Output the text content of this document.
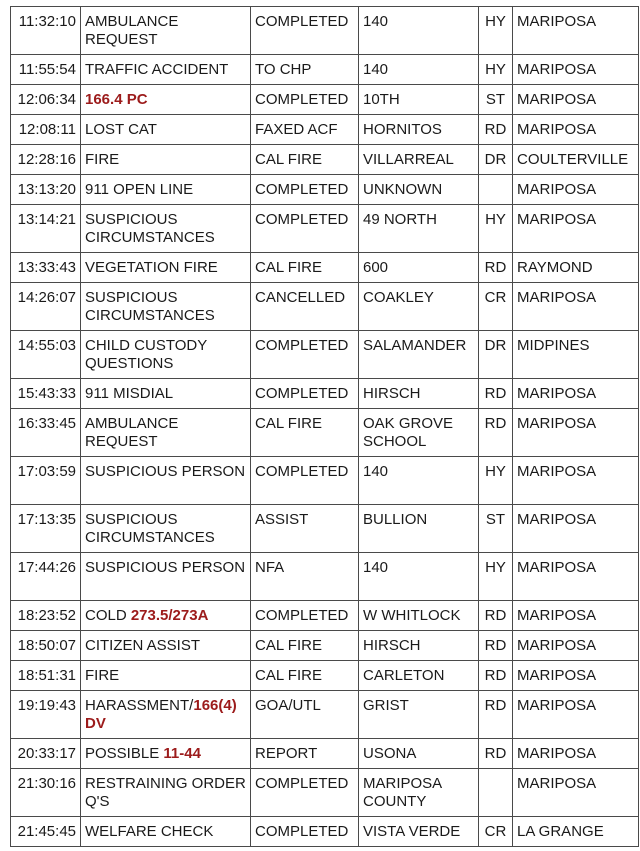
11:32:10	AMBULANCE REQUEST	COMPLETED	140	HY	MARIPOSA
11:55:54	TRAFFIC ACCIDENT	TO CHP	140	HY	MARIPOSA
12:06:34	166.4 PC	COMPLETED	10TH	ST	MARIPOSA
12:08:11	LOST CAT	FAXED ACF	HORNITOS	RD	MARIPOSA
12:28:16	FIRE	CAL FIRE	VILLARREAL	DR	COULTERVILLE
13:13:20	911 OPEN LINE	COMPLETED	UNKNOWN		MARIPOSA
13:14:21	SUSPICIOUS CIRCUMSTANCES	COMPLETED	49 NORTH	HY	MARIPOSA
13:33:43	VEGETATION FIRE	CAL FIRE	600	RD	RAYMOND
14:26:07	SUSPICIOUS CIRCUMSTANCES	CANCELLED	COAKLEY	CR	MARIPOSA
14:55:03	CHILD CUSTODY QUESTIONS	COMPLETED	SALAMANDER	DR	MIDPINES
15:43:33	911 MISDIAL	COMPLETED	HIRSCH	RD	MARIPOSA
16:33:45	AMBULANCE REQUEST	CAL FIRE	OAK GROVE SCHOOL	RD	MARIPOSA
17:03:59	SUSPICIOUS PERSON	COMPLETED	140	HY	MARIPOSA
17:13:35	SUSPICIOUS CIRCUMSTANCES	ASSIST	BULLION	ST	MARIPOSA
17:44:26	SUSPICIOUS PERSON	NFA	140	HY	MARIPOSA
18:23:52	COLD 273.5/273A	COMPLETED	W WHITLOCK	RD	MARIPOSA
18:50:07	CITIZEN ASSIST	CAL FIRE	HIRSCH	RD	MARIPOSA
18:51:31	FIRE	CAL FIRE	CARLETON	RD	MARIPOSA
19:19:43	HARASSMENT/166(4) DV	GOA/UTL	GRIST	RD	MARIPOSA
20:33:17	POSSIBLE 11-44	REPORT	USONA	RD	MARIPOSA
21:30:16	RESTRAINING ORDER Q'S	COMPLETED	MARIPOSA COUNTY		MARIPOSA
21:45:45	WELFARE CHECK	COMPLETED	VISTA VERDE	CR	LA GRANGE
